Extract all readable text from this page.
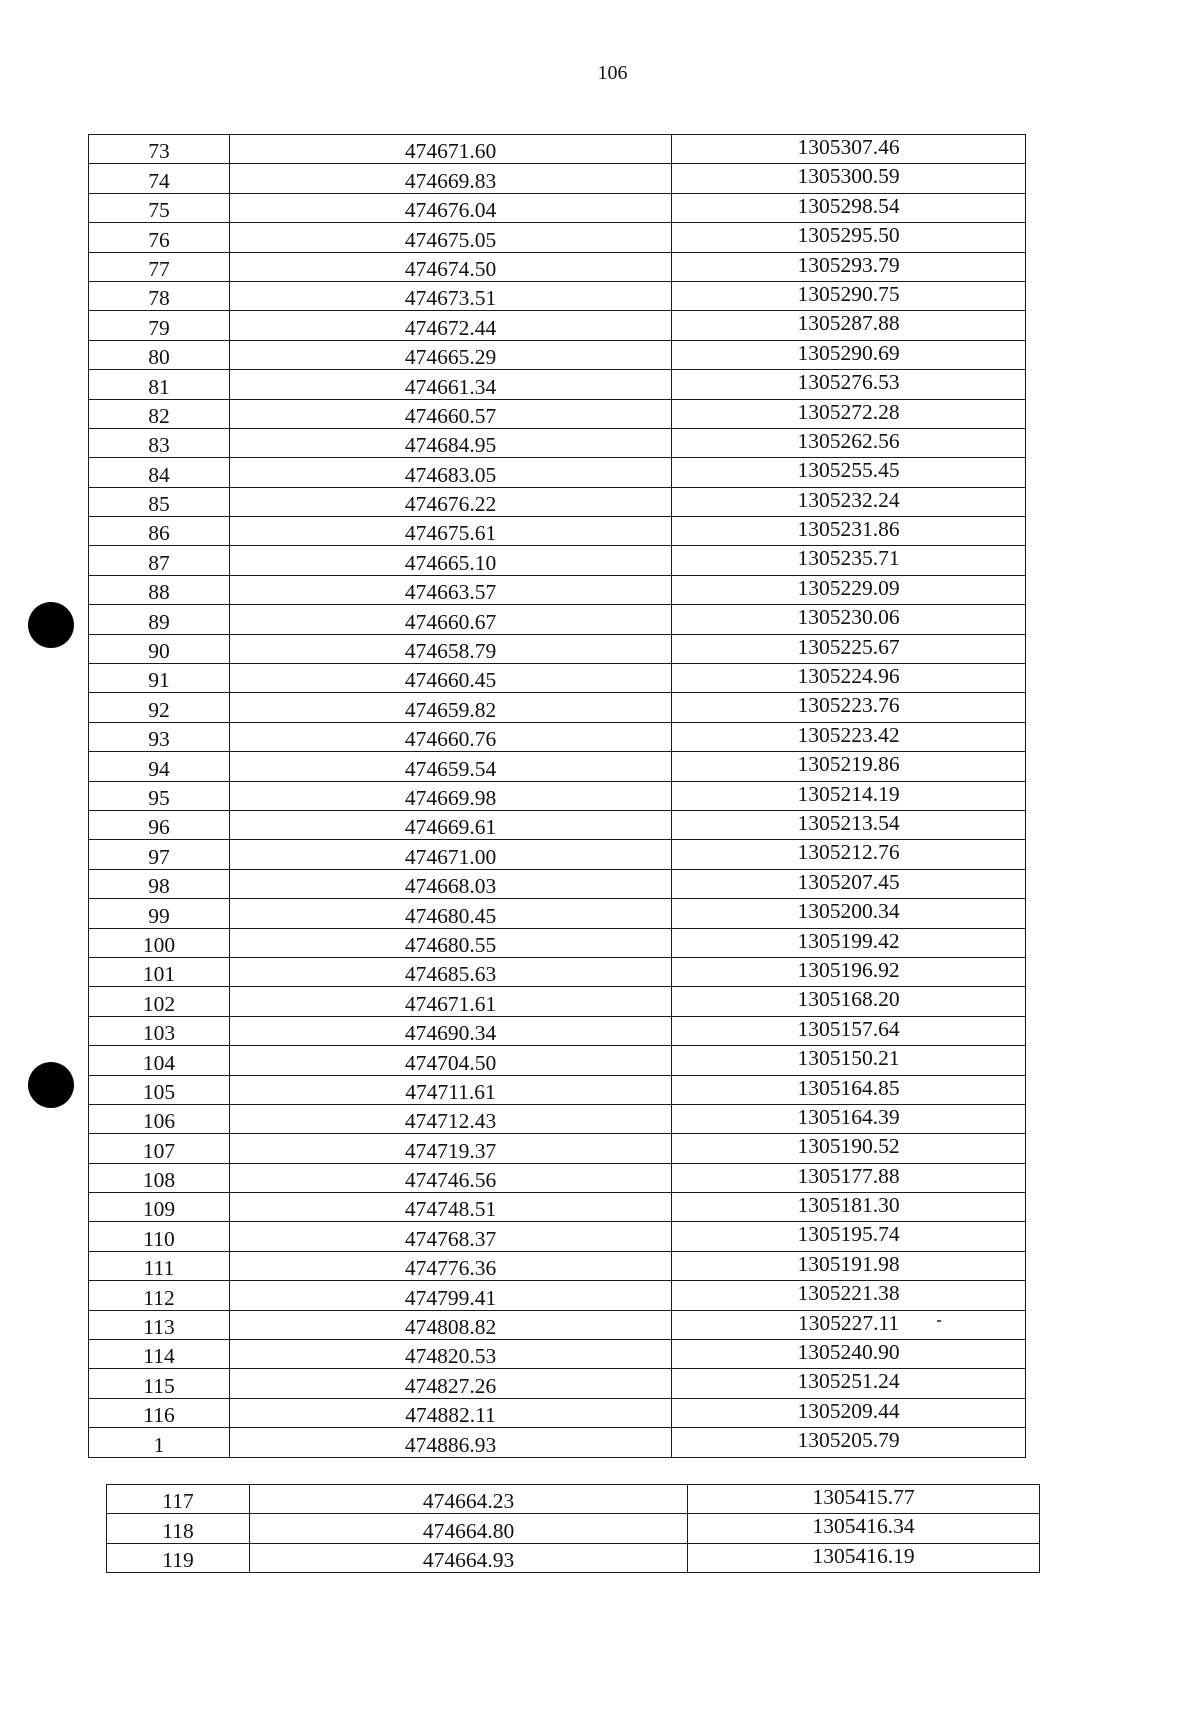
106
73	474671.60	1305307.46
74	474669.83	1305300.59
75	474676.04	1305298.54
76	474675.05	1305295.50
77	474674.50	1305293.79
78	474673.51	1305290.75
79	474672.44	1305287.88
80	474665.29	1305290.69
81	474661.34	1305276.53
82	474660.57	1305272.28
83	474684.95	1305262.56
84	474683.05	1305255.45
85	474676.22	1305232.24
86	474675.61	1305231.86
87	474665.10	1305235.71
88	474663.57	1305229.09
89	474660.67	1305230.06
90	474658.79	1305225.67
91	474660.45	1305224.96
92	474659.82	1305223.76
93	474660.76	1305223.42
94	474659.54	1305219.86
95	474669.98	1305214.19
96	474669.61	1305213.54
97	474671.00	1305212.76
98	474668.03	1305207.45
99	474680.45	1305200.34
100	474680.55	1305199.42
101	474685.63	1305196.92
102	474671.61	1305168.20
103	474690.34	1305157.64
104	474704.50	1305150.21
105	474711.61	1305164.85
106	474712.43	1305164.39
107	474719.37	1305190.52
108	474746.56	1305177.88
109	474748.51	1305181.30
110	474768.37	1305195.74
111	474776.36	1305191.98
112	474799.41	1305221.38
113	474808.82	1305227.11
114	474820.53	1305240.90
115	474827.26	1305251.24
116	474882.11	1305209.44
1	474886.93	1305205.79
117	474664.23	1305415.77
118	474664.80	1305416.34
119	474664.93	1305416.19
